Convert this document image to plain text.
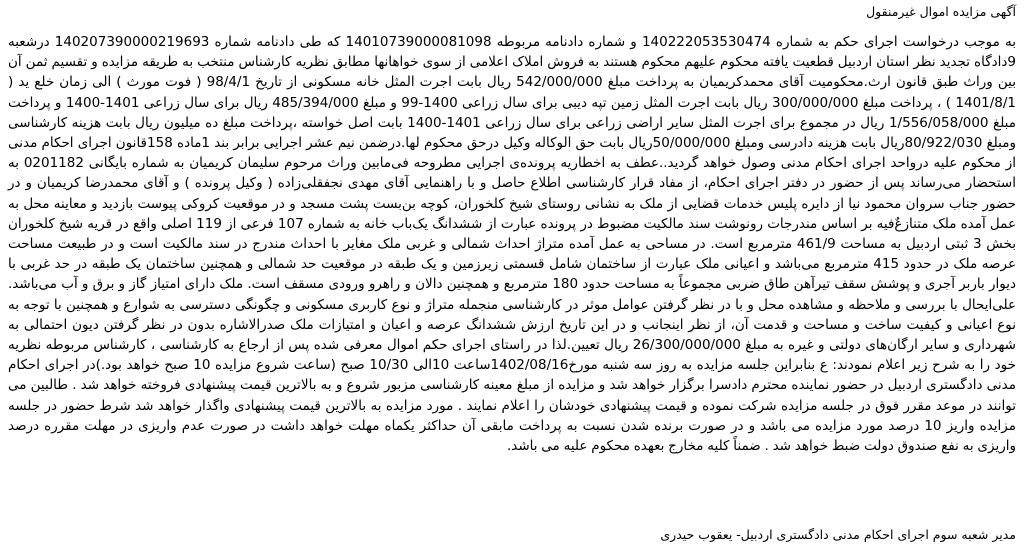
آگهی مزایده اموال غیرمنقول

به موجب درخواست اجرای حکم به شماره 140222053530474 و شماره دادنامه مربوطه 14010739000081098 كه طی دادنامه شماره 140207390000219693 درشعبه 9دادگاه تجدید نظر استان اردبیل قطعیت یافته محکوم علیهم محکوم هستند به فروش املاک اعلامی از سوی خواهانها مطابق نظریه کارشناس منتخب به طریقه مزایده و تقسیم ثمن آن بین وراث طبق قانون ارث.محکومیت آقای محمدکریمیان به پرداخت مبلغ 542/000/000 ریال بابت اجرت المثل خانه مسکونی از تاریخ 98/4/1 ( فوت مورث ) الی زمان خلع ید ( 1401/8/1 ) ، پرداخت مبلغ 300/000/000 ریال بابت اجرت المثل زمین تپه دیبی برای سال زراعی 1400-99 و مبلغ 485/394/000 ریال برای سال زراعی 1401-1400 و پرداخت مبلغ 1/556/058/000 ریال در مجموع برای اجرت المثل سایر اراضی زراعی برای سال زراعی 1401-1400 بابت اصل خواسته ،پرداخت مبلغ ده میلیون ریال بابت هزینه کارشناسی ومبلغ 80/922/030ریال بابت هزینه دادرسی ومبلغ 50/000/000ریال بابت حق الوكاله وكيل درحق محکوم لها.درضمن نیم عشر اجرایی برابر بند 1ماده 158قانون اجرای احکام مدنی از محکوم علیه درواحد اجرای احکام مدنی وصول خواهد گردید..عطف به اخطاریه پرونده‌ی اجرایی مطروحه فی‌مابین وراث مرحوم سلیمان کریمیان به شماره بایگانی 0201182 به استحضار می‌رساند پس از حضور در دفتر اجرای احکام، از مفاد قرار کارشناسی اطلاع حاصل و با راهنمایی آقای مهدی نجفقلی‌زاده ( وکیل پرونده ) و آقای محمدرضا کریمیان و در حضور جناب سروان محمود نیا از دایره پلیس خدمات قضایی از ملک به نشانی روستای شیخ کلخوران، کوچه بن‌بست پشت مسجد و در موقعیت کروکی پیوست بازدید و معاینه محل به عمل آمده ملک متنازعٌ‌فیه بر اساس مندرجات رونوشت سند مالکیت مضبوط در پرونده عبارت از ششدانگ یک‌باب خانه به شماره 107 فرعی از 119 اصلی واقع در قریه شیخ کلخوران بخش 3 ثبتی اردبیل به مساحت 461/9 مترمربع است. در مساحی به عمل آمده متراژ احداث شمالی و غربی ملک مغایر با احداث مندرج در سند مالکیت است و در طبیعت مساحت عرصه ملک در حدود 415 مترمربع می‌باشد و اعیانی ملک عبارت از ساختمان شامل قسمتی زیرزمین و یک طبقه در موقعیت حد شمالی و همچنین ساختمان یک طبقه در حد غربی با دیوار باربر آجری و پوشش سقف تیرآهن طاق ضربی مجموعاً به مساحت حدود 180 مترمربع و همچنین دالان و راهرو ورودی مسقف است. ملک دارای امتیاز گاز و برق و آب می‌باشد. علی‌ایحال با بررسی و ملاحظه و مشاهده محل و با در نظر گرفتن عوامل موثر در کارشناسی منجمله متراژ و نوع کاربری مسکونی و چگونگی دسترسی به شوارع و همچنین با توجه به نوع اعیانی و کیفیت ساخت و مساحت و قدمت آن، از نظر اینجانب و در این تاریخ ارزش ششدانگ عرصه و اعیان و امتیازات ملک صدرالاشاره بدون در نظر گرفتن دیون احتمالی به شهرداری و سایر ارگان‌های دولتی و غیره به مبلغ 26/300/000/000 ریال تعیین.لذا در راستای اجرای حکم اموال معرفی شده پس از ارجاع به کارشناسی ، کارشناس مربوطه نظریه خود را به شرح زیر اعلام نمودند: ع بنابراین جلسه مزایده به روز سه شنبه مورخ1402/08/16ساعت 10الی 10/30 صبح (ساعت شروع مزایده 10 صبح خواهد بود.)در اجرای احکام مدنی دادگستری اردبیل در حضور نماینده محترم دادسرا برگزار خواهد شد و مزایده از مبلغ معینه کارشناسی مزبور شروع و به بالاترین قیمت پیشنهادی فروخته خواهد شد . طالبین می توانند در موعد مقرر فوق در جلسه مزایده شرکت نموده و قیمت پیشنهادی خودشان را اعلام نمایند . مورد مزایده به بالاترین قیمت پیشنهادی واگذار خواهد شد شرط حضور در جلسه مزایده واریز 10 درصد مورد مزایده می باشد و در صورت برنده شدن نسبت به پرداخت مابقی آن حداکثر یکماه مهلت خواهد داشت در صورت عدم واریزی در مهلت مقرره درصد واریزی به نفع صندوق دولت ضبط خواهد شد . ضمناً کلیه مخارج بعهده محکوم علیه می باشد.

مدیر شعبه سوم اجرای احکام مدنی دادگستری اردبیل- یعقوب حیدری
